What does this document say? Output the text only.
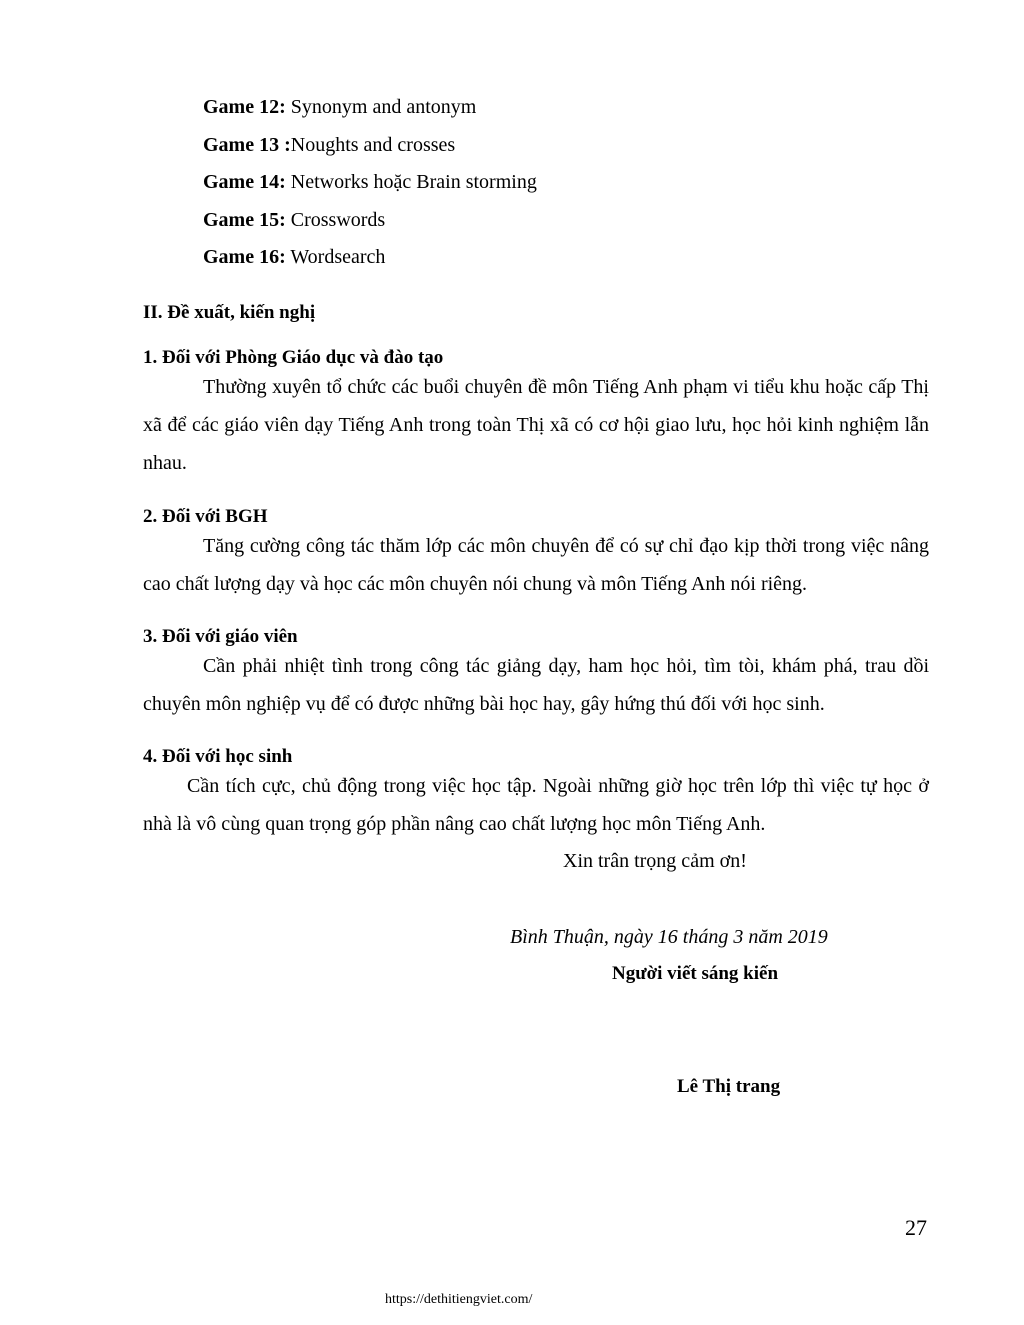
Game 12: Synonym and antonym
Game 13 :Noughts and crosses
Game 14: Networks hoặc Brain storming
Game 15: Crosswords
Game 16: Wordsearch
II. Đề xuất, kiến nghị
1. Đối với Phòng Giáo dục và đào tạo
Thường xuyên tổ chức các buổi chuyên đề môn Tiếng Anh phạm vi tiểu khu hoặc cấp Thị xã để các giáo viên dạy Tiếng Anh trong toàn Thị xã có cơ hội giao lưu, học hỏi kinh nghiệm lẫn nhau.
2. Đối với BGH
Tăng cường công tác thăm lớp các môn chuyên để có sự chỉ đạo kịp thời trong việc nâng cao chất lượng dạy và học các môn chuyên nói chung và môn Tiếng Anh nói riêng.
3. Đối với giáo viên
Cần phải nhiệt tình trong công tác giảng dạy, ham học hỏi, tìm tòi, khám phá, trau dồi chuyên môn nghiệp vụ để có được những bài học hay, gây hứng thú đối với học sinh.
4. Đối với học sinh
Cần tích cực, chủ động trong việc học tập. Ngoài những giờ học trên lớp thì việc tự học ở nhà là vô cùng quan trọng góp phần nâng cao chất lượng học môn Tiếng Anh.
Xin trân trọng cảm ơn!
Bình Thuận, ngày 16 tháng 3 năm 2019
Người viết sáng kiến
Lê Thị trang
27
https://dethitiengviet.com/
